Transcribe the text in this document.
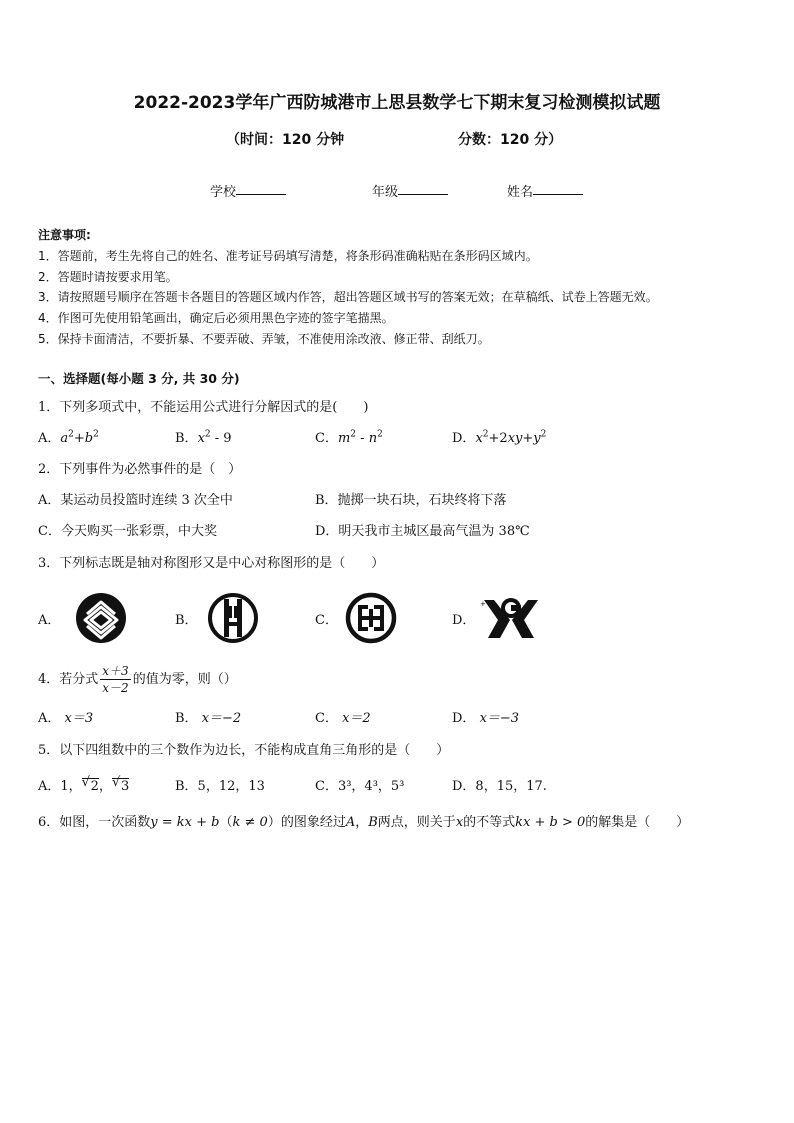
2022-2023学年广西防城港市上思县数学七下期末复习检测模拟试题
（时间：120 分钟	分数：120 分）
学校	年级	姓名
注意事项:
1．答题前，考生先将自己的姓名、准考证号码填写清楚，将条形码准确粘贴在条形码区域内。
2．答题时请按要求用笔。
3．请按照题号顺序在答题卡各题目的答题区域内作答，超出答题区域书写的答案无效；在草稿纸、试卷上答题无效。
4．作图可先使用铅笔画出，确定后必须用黑色字迹的签字笔描黑。
5．保持卡面清洁，不要折暴、不要弄破、弄皱，不准使用涂改液、修正带、刮纸刀。
一、选择题(每小题 3 分, 共 30 分)
1．下列多项式中，不能运用公式进行分解因式的是(　　)
A．$a^2+b^2$	B．$x^2 - 9$	C．$m^2 - n^2$	D．$x^2+2xy+y^2$
2．下列事件为必然事件的是（　）
A．某运动员投篮时连续 3 次全中	B．抛掷一块石块，石块终将下落
C．今天购买一张彩票，中大奖	D．明天我市主城区最高气温为 38℃
3．下列标志既是轴对称图形又是中心对称图形的是（　　）
A．	B．	C．	D．
+
4．若分式 $\frac{x+3}{x-2}$ 的值为零，则（）
A． x＝3	B． x＝−2	C． x＝2	D． x＝−3
5．以下四组数中的三个数作为边长，不能构成直角三角形的是（　　）
A．1， √ 2， √ 3	B．5，12，13	C．3³，4³，5³	D．8，15，17.
6．如图，一次函数y = kx + b（k ≠ 0）的图象经过A，B两点，则关于x的不等式kx + b > 0的解集是（　　）
